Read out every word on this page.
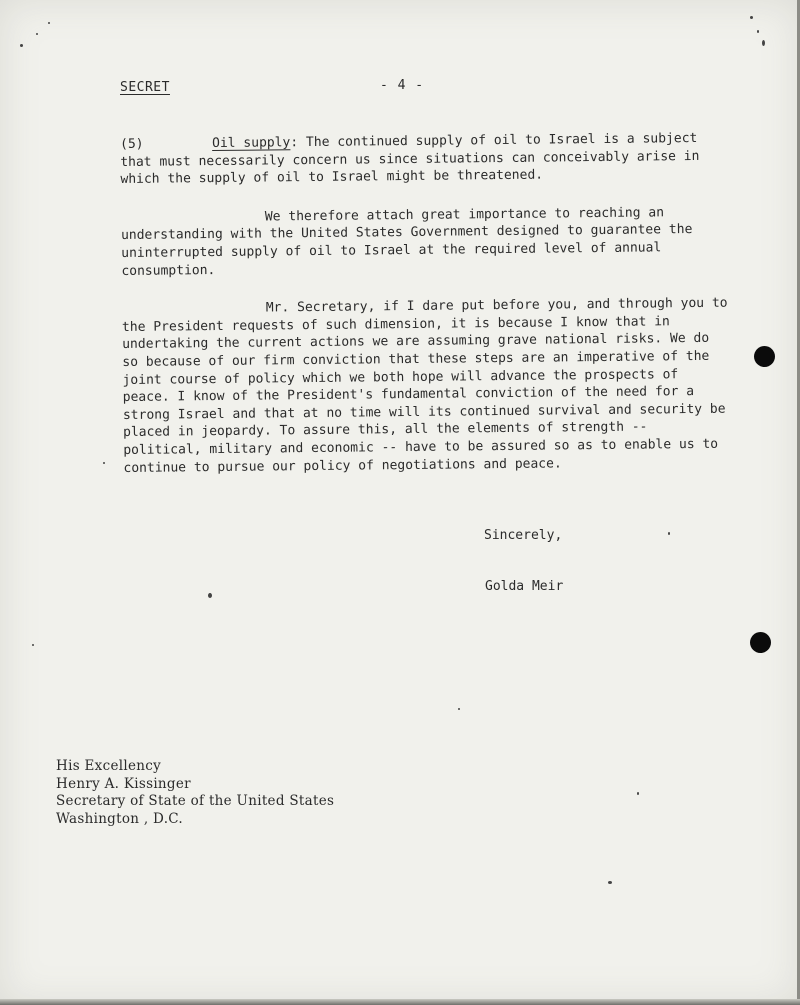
SECRET	- 4 -

(5)	Oil supply: The continued supply of oil to Israel is a subject that must necessarily concern us since situations can conceivably arise in which the supply of oil to Israel might be threatened.

We therefore attach great importance to reaching an understanding with the United States Government designed to guarantee the uninterrupted supply of oil to Israel at the required level of annual consumption.

Mr. Secretary, if I dare put before you, and through you to the President requests of such dimension, it is because I know that in undertaking the current actions we are assuming grave national risks. We do so because of our firm conviction that these steps are an imperative of the joint course of policy which we both hope will advance the prospects of peace. I know of the President's fundamental conviction of the need for a strong Israel and that at no time will its continued survival and security be placed in jeopardy. To assure this, all the elements of strength -- political, military and economic -- have to be assured so as to enable us to continue to pursue our policy of negotiations and peace.

Sincerely,
Golda Meir
His Excellency
Henry A. Kissinger
Secretary of State of the United States
Washington , D.C.
